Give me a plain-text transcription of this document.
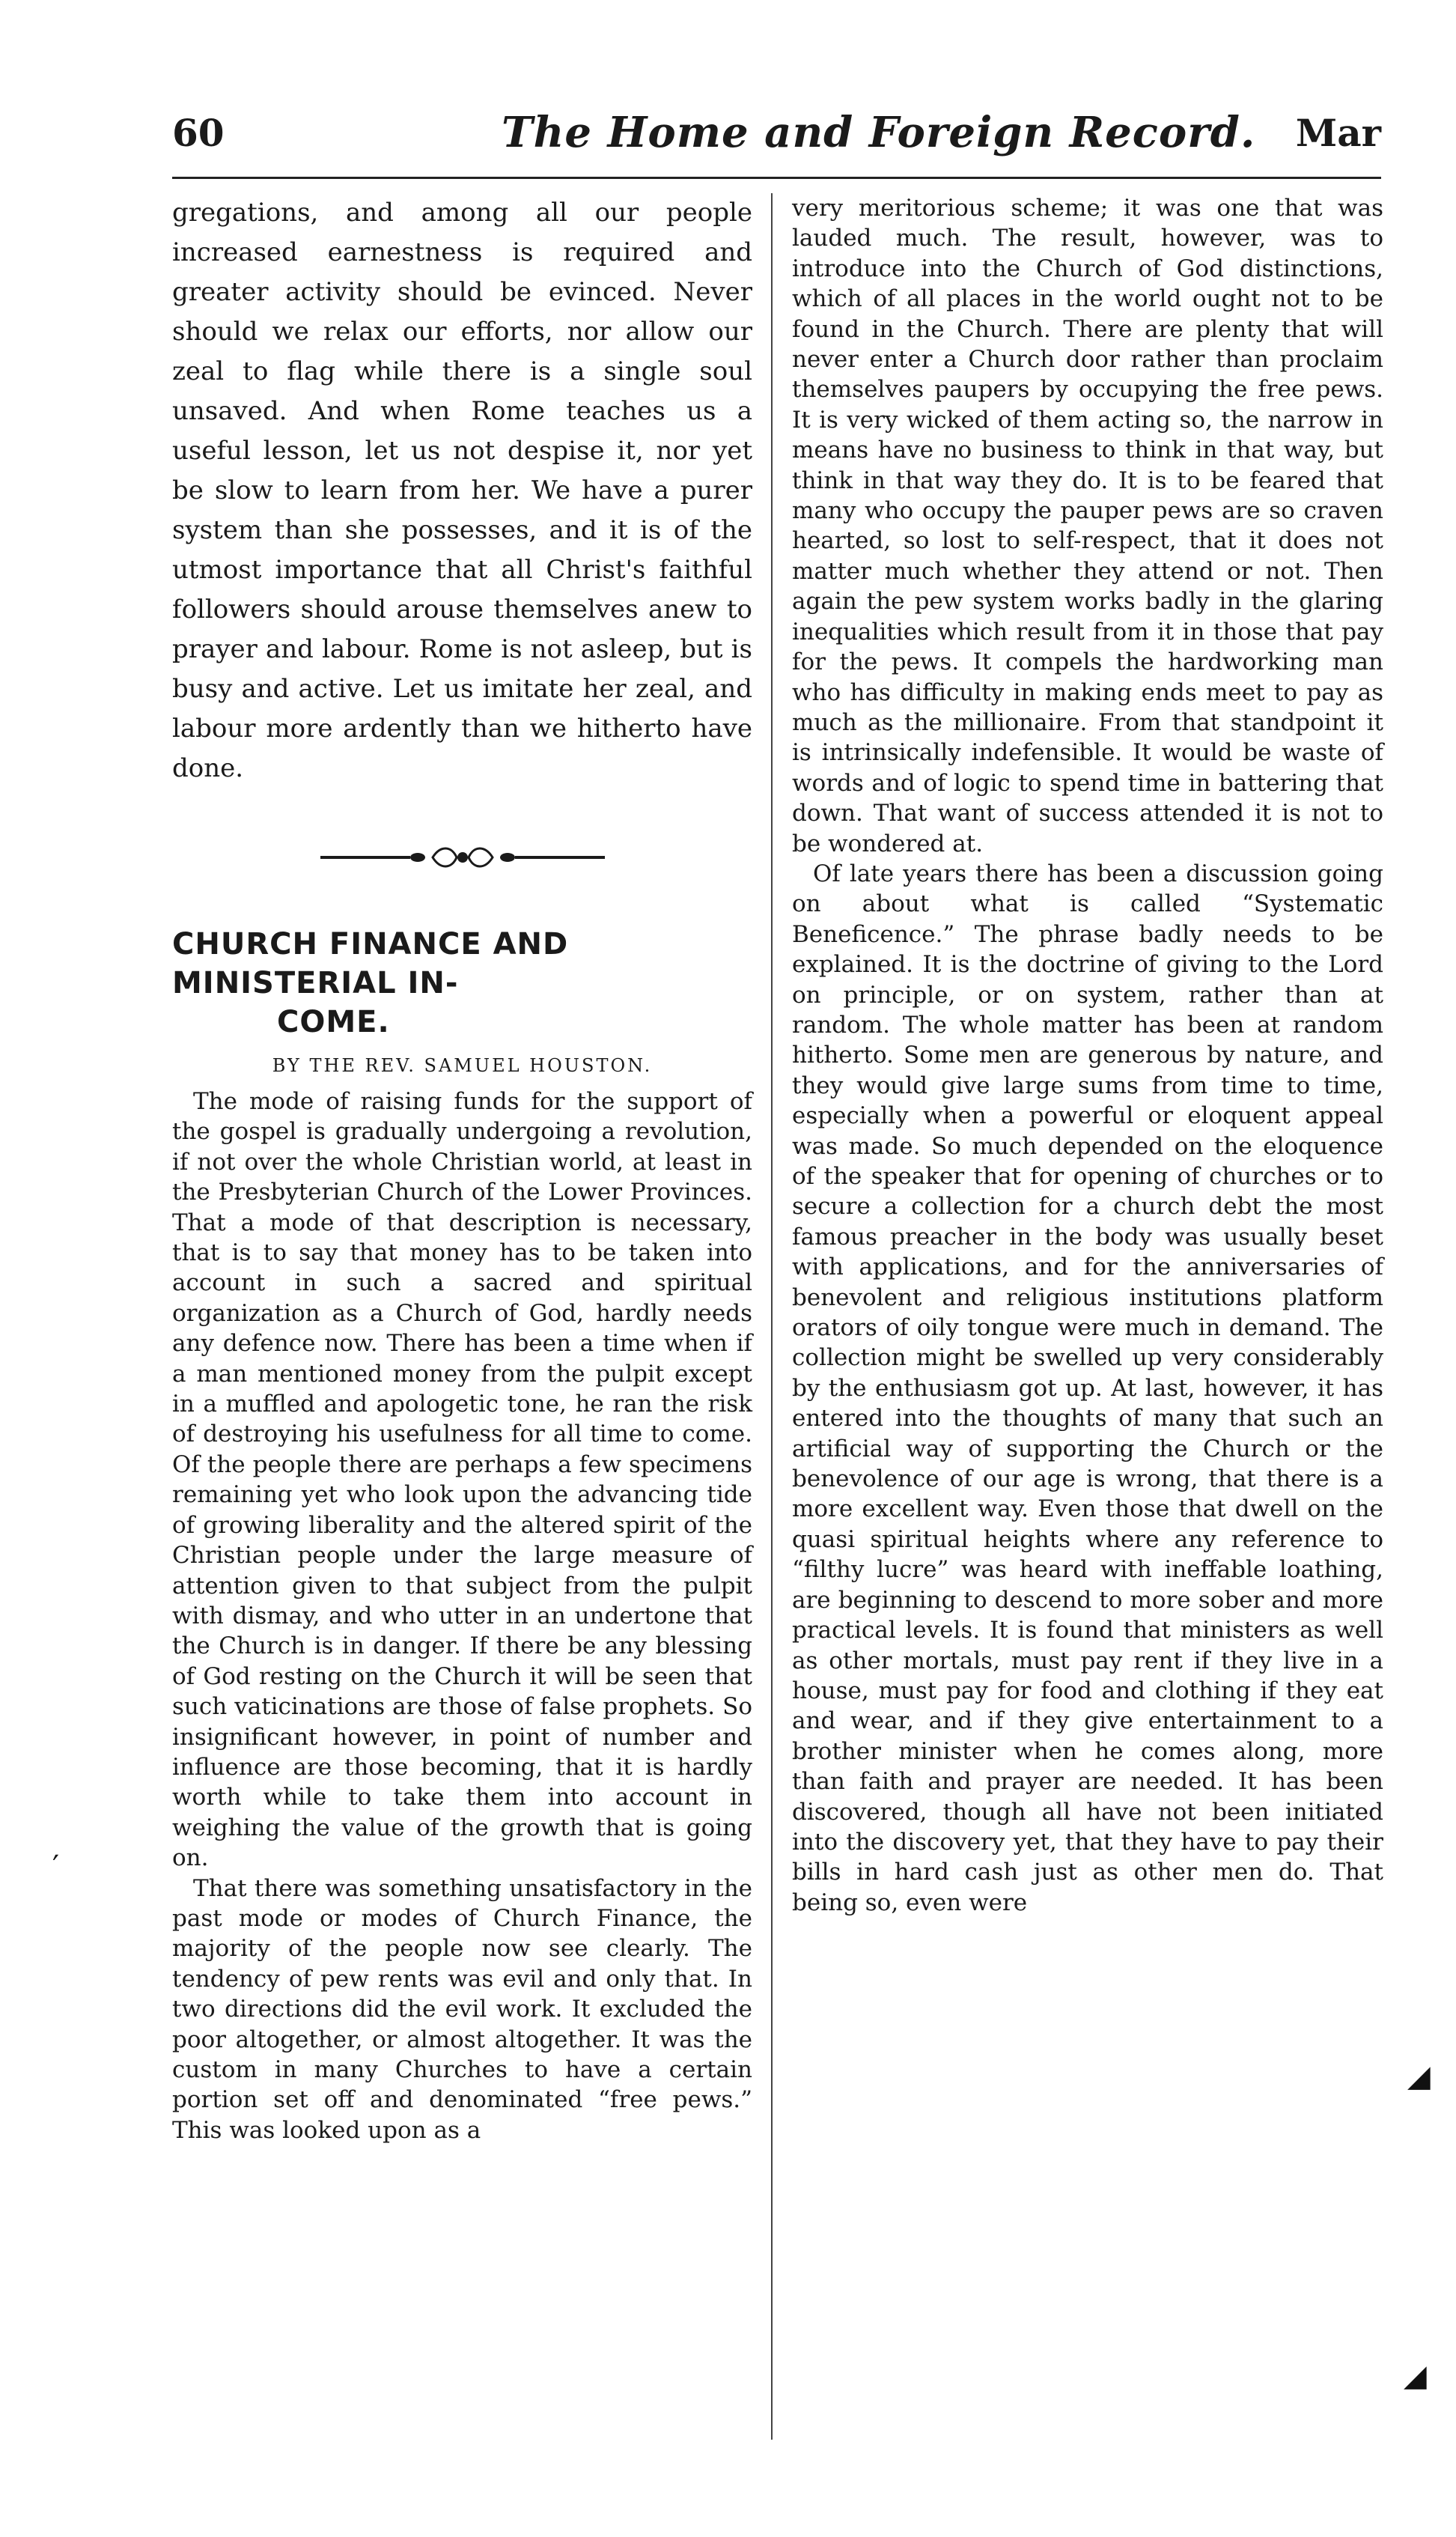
60	The Home and Foreign Record. Mar

gregations, and among all our people increased earnestness is required and greater activity should be evinced. Never should we relax our efforts, nor allow our zeal to flag while there is a single soul unsaved. And when Rome teaches us a useful lesson, let us not despise it, nor yet be slow to learn from her. We have a purer system than she possesses, and it is of the utmost importance that all Christ's faithful followers should arouse themselves anew to prayer and labour. Rome is not asleep, but is busy and active. Let us imitate her zeal, and labour more ardently than we hitherto have done.

CHURCH FINANCE AND MINISTERIAL IN-
COME.
BY THE REV. SAMUEL HOUSTON.

The mode of raising funds for the support of the gospel is gradually undergoing a revolution, if not over the whole Christian world, at least in the Presbyterian Church of the Lower Provinces. That a mode of that description is necessary, that is to say that money has to be taken into account in such a sacred and spiritual organization as a Church of God, hardly needs any defence now. There has been a time when if a man mentioned money from the pulpit except in a muffled and apologetic tone, he ran the risk of destroying his usefulness for all time to come. Of the people there are perhaps a few specimens remaining yet who look upon the advancing tide of growing liberality and the altered spirit of the Christian people under the large measure of attention given to that subject from the pulpit with dismay, and who utter in an undertone that the Church is in danger. If there be any blessing of God resting on the Church it will be seen that such vaticinations are those of false prophets. So insignificant however, in point of number and influence are those becoming, that it is hardly worth while to take them into account in weighing the value of the growth that is going on.

That there was something unsatisfactory in the past mode or modes of Church Finance, the majority of the people now see clearly. The tendency of pew rents was evil and only that. In two directions did the evil work. It excluded the poor altogether, or almost altogether. It was the custom in many Churches to have a certain portion set off and denominated “free pews.” This was looked upon as a

very meritorious scheme; it was one that was lauded much. The result, however, was to introduce into the Church of God distinctions, which of all places in the world ought not to be found in the Church. There are plenty that will never enter a Church door rather than proclaim themselves paupers by occupying the free pews. It is very wicked of them acting so, the narrow in means have no business to think in that way, but think in that way they do. It is to be feared that many who occupy the pauper pews are so craven hearted, so lost to self-respect, that it does not matter much whether they attend or not. Then again the pew system works badly in the glaring inequalities which result from it in those that pay for the pews. It compels the hardworking man who has difficulty in making ends meet to pay as much as the millionaire. From that standpoint it is intrinsically indefensible. It would be waste of words and of logic to spend time in battering that down. That want of success attended it is not to be wondered at.

Of late years there has been a discussion going on about what is called “Systematic Beneficence.” The phrase badly needs to be explained. It is the doctrine of giving to the Lord on principle, or on system, rather than at random. The whole matter has been at random hitherto. Some men are generous by nature, and they would give large sums from time to time, especially when a powerful or eloquent appeal was made. So much depended on the eloquence of the speaker that for opening of churches or to secure a collection for a church debt the most famous preacher in the body was usually beset with applications, and for the anniversaries of benevolent and religious institutions platform orators of oily tongue were much in demand. The collection might be swelled up very considerably by the enthusiasm got up. At last, however, it has entered into the thoughts of many that such an artificial way of supporting the Church or the benevolence of our age is wrong, that there is a more excellent way. Even those that dwell on the quasi spiritual heights where any reference to “filthy lucre” was heard with ineffable loathing, are beginning to descend to more sober and more practical levels. It is found that ministers as well as other mortals, must pay rent if they live in a house, must pay for food and clothing if they eat and wear, and if they give entertainment to a brother minister when he comes along, more than faith and prayer are needed. It has been discovered, though all have not been initiated into the discovery yet, that they have to pay their bills in hard cash just as other men do. That being so, even were

′
◢
◢
